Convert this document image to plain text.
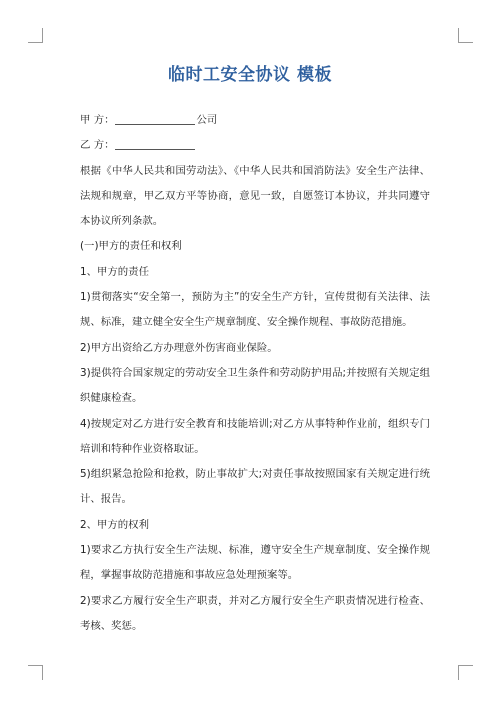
临时工安全协议 模板

甲 方：	公司

乙 方：

根据《中华人民共和国劳动法》、《中华人民共和国消防法》安全生产法律、法规和规章，甲乙双方平等协商，意见一致，自愿签订本协议，并共同遵守本协议所列条款。

(一)甲方的责任和权利

1、甲方的责任

1)贯彻落实“安全第一，预防为主”的安全生产方针，宣传贯彻有关法律、法规、标准，建立健全安全生产规章制度、安全操作规程、事故防范措施。

2)甲方出资给乙方办理意外伤害商业保险。

3)提供符合国家规定的劳动安全卫生条件和劳动防护用品;并按照有关规定组织健康检查。

4)按规定对乙方进行安全教育和技能培训;对乙方从事特种作业前，组织专门培训和特种作业资格取证。

5)组织紧急抢险和抢救，防止事故扩大;对责任事故按照国家有关规定进行统计、报告。

2、甲方的权利

1)要求乙方执行安全生产法规、标准，遵守安全生产规章制度、安全操作规程，掌握事故防范措施和事故应急处理预案等。

2)要求乙方履行安全生产职责，并对乙方履行安全生产职责情况进行检查、考核、奖惩。
